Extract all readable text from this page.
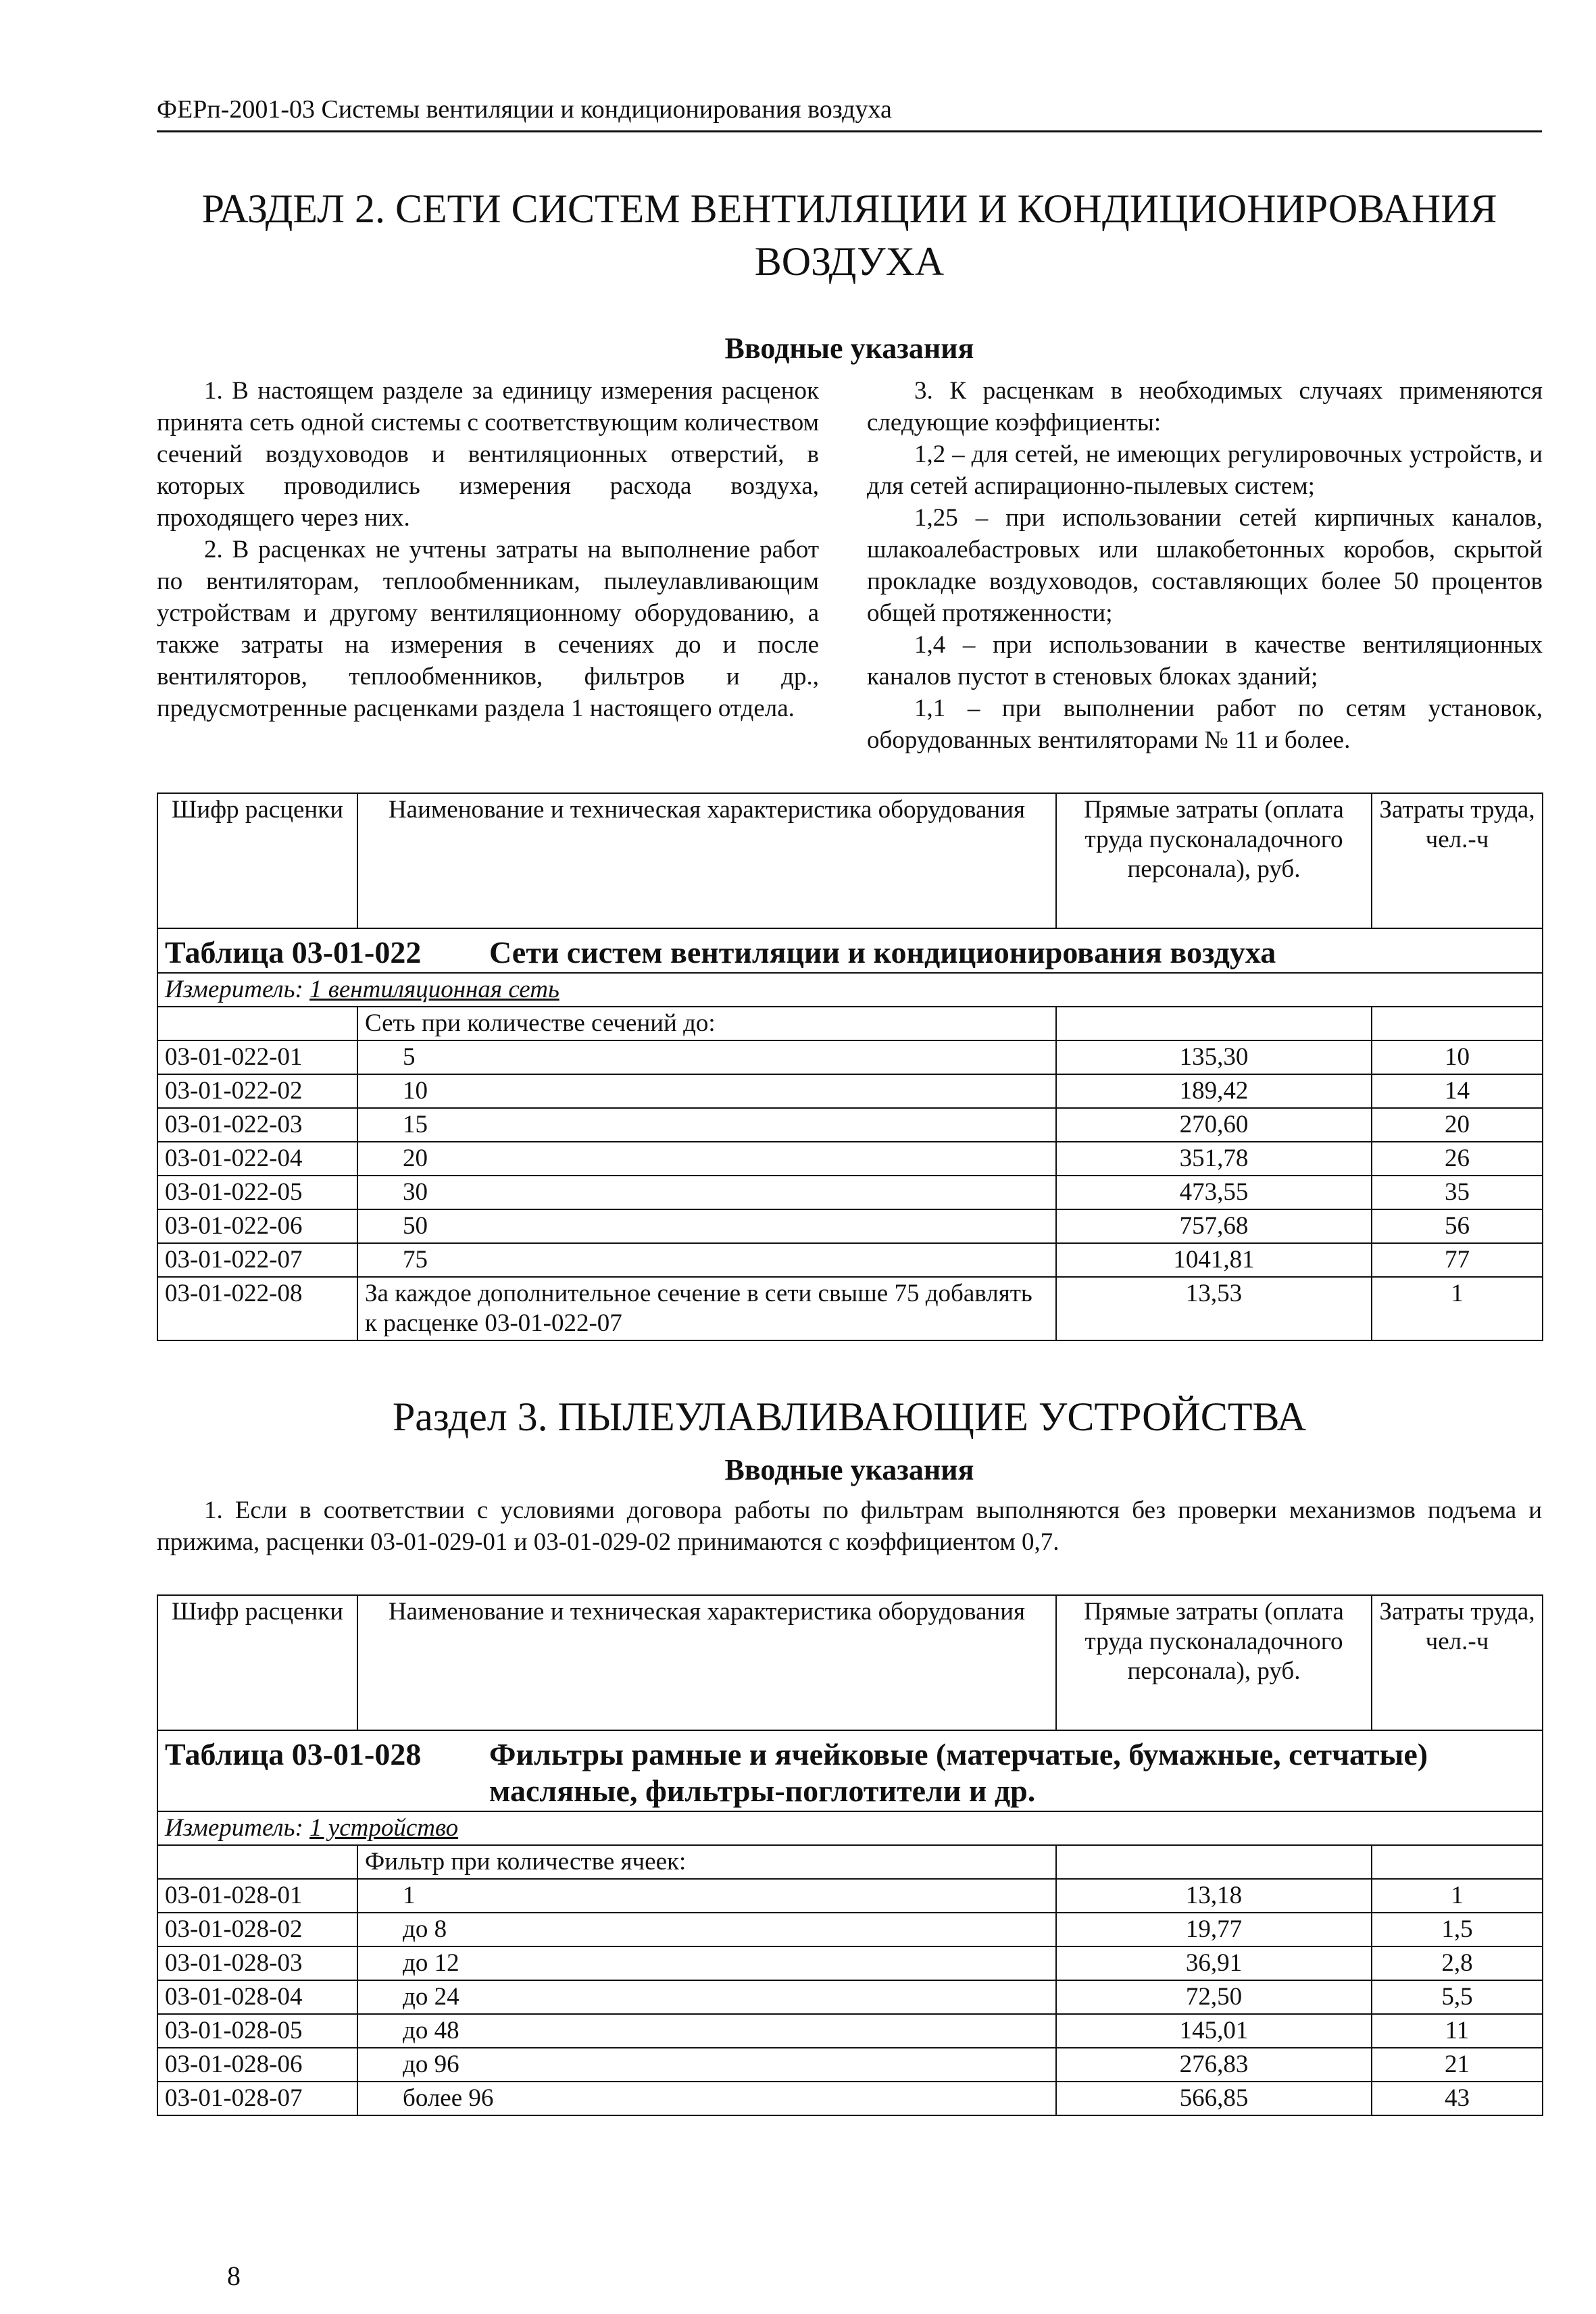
ФЕРп-2001-03 Системы вентиляции и кондиционирования воздуха
РАЗДЕЛ 2. СЕТИ СИСТЕМ ВЕНТИЛЯЦИИ И КОНДИЦИОНИРОВАНИЯ
ВОЗДУХА
Вводные указания

1. В настоящем разделе за единицу измерения расценок принята сеть одной системы с соответствующим количеством сечений воздуховодов и вентиляционных отверстий, в которых проводились измерения расхода воздуха, проходящего через них.

2. В расценках не учтены затраты на выполнение работ по вентиляторам, теплообменникам, пылеулавливающим устройствам и другому вентиляционному оборудованию, а также затраты на измерения в сечениях до и после вентиляторов, теплообменников, фильтров и др., предусмотренные расценками раздела 1 настоящего отдела.

3. К расценкам в необходимых случаях применяются следующие коэффициенты:

1,2 – для сетей, не имеющих регулировочных устройств, и для сетей аспирационно-пылевых систем;

1,25 – при использовании сетей кирпичных каналов, шлакоалебастровых или шлакобетонных коробов, скрытой прокладке воздуховодов, составляющих более 50 процентов общей протяженности;

1,4 – при использовании в качестве вентиляционных каналов пустот в стеновых блоках зданий;

1,1 – при выполнении работ по сетям установок, оборудованных вентиляторами № 11 и более.

Шифр расценки	Наименование и техническая характеристика оборудования	Прямые затраты (оплата труда пусконаладочного персонала), руб.	Затраты труда, чел.-ч
Таблица 03-01-022 Сети систем вентиляции и кондиционирования воздуха			
Измеритель: 1 вентиляционная сеть			
	Сеть при количестве сечений до:		
03-01-022-01	5	135,30	10
03-01-022-02	10	189,42	14
03-01-022-03	15	270,60	20
03-01-022-04	20	351,78	26
03-01-022-05	30	473,55	35
03-01-022-06	50	757,68	56
03-01-022-07	75	1041,81	77
03-01-022-08	За каждое дополнительное сечение в сети свыше 75 добавлять к расценке 03-01-022-07	13,53	1
Раздел 3. ПЫЛЕУЛАВЛИВАЮЩИЕ УСТРОЙСТВА
Вводные указания

1. Если в соответствии с условиями договора работы по фильтрам выполняются без проверки механизмов подъема и прижима, расценки 03-01-029-01 и 03-01-029-02 принимаются с коэффициентом 0,7.

Шифр расценки	Наименование и техническая характеристика оборудования	Прямые затраты (оплата труда пусконаладочного персонала), руб.	Затраты труда, чел.-ч
Таблица 03-01-028 Фильтры рамные и ячейковые (матерчатые, бумажные, сетчатые) масляные, фильтры-поглотители и др.			
Измеритель: 1 устройство			
	Фильтр при количестве ячеек:		
03-01-028-01	1	13,18	1
03-01-028-02	до 8	19,77	1,5
03-01-028-03	до 12	36,91	2,8
03-01-028-04	до 24	72,50	5,5
03-01-028-05	до 48	145,01	11
03-01-028-06	до 96	276,83	21
03-01-028-07	более 96	566,85	43
8
